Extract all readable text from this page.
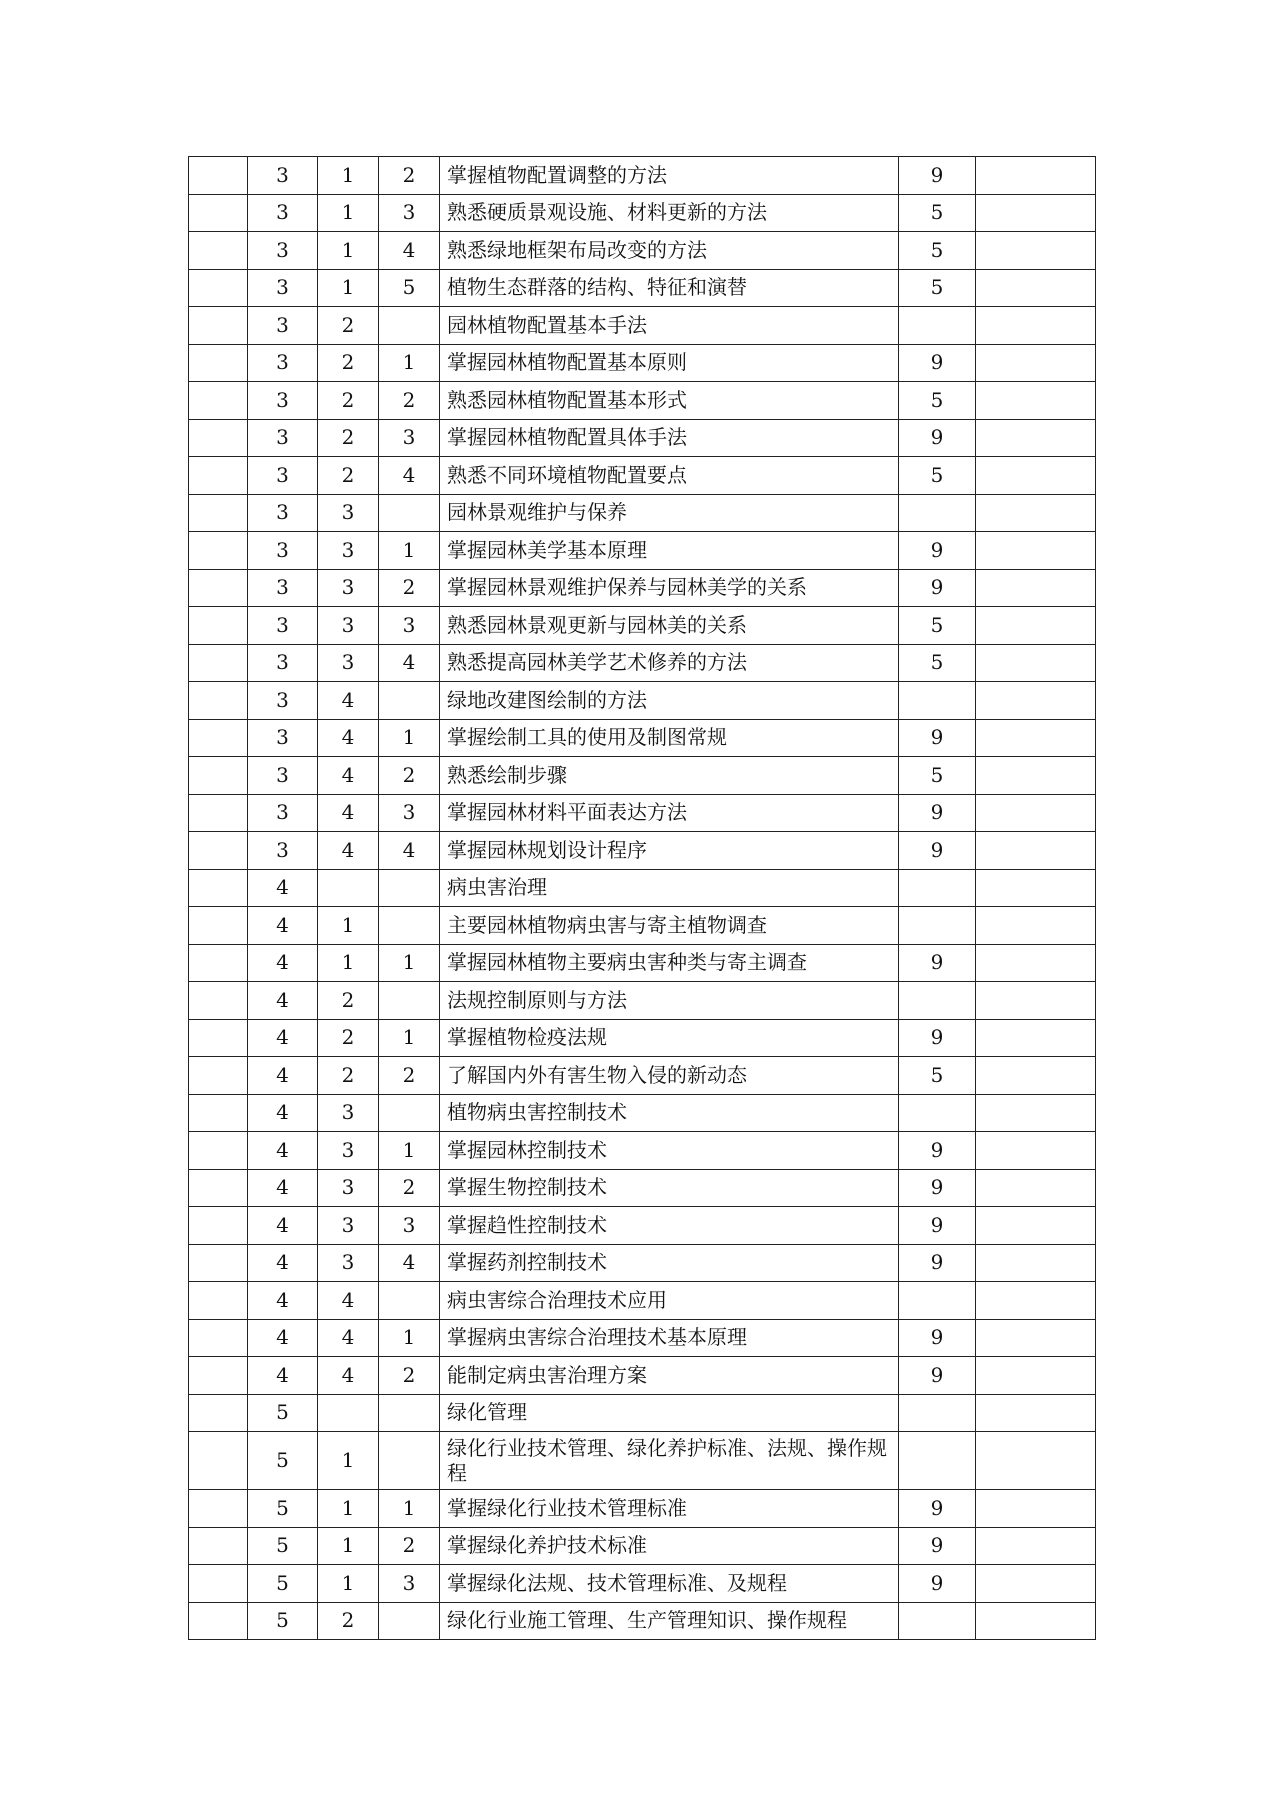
	3	1	2	掌握植物配置调整的方法	9	
	3	1	3	熟悉硬质景观设施、材料更新的方法	5	
	3	1	4	熟悉绿地框架布局改变的方法	5	
	3	1	5	植物生态群落的结构、特征和演替	5	
	3	2		园林植物配置基本手法		
	3	2	1	掌握园林植物配置基本原则	9	
	3	2	2	熟悉园林植物配置基本形式	5	
	3	2	3	掌握园林植物配置具体手法	9	
	3	2	4	熟悉不同环境植物配置要点	5	
	3	3		园林景观维护与保养		
	3	3	1	掌握园林美学基本原理	9	
	3	3	2	掌握园林景观维护保养与园林美学的关系	9	
	3	3	3	熟悉园林景观更新与园林美的关系	5	
	3	3	4	熟悉提高园林美学艺术修养的方法	5	
	3	4		绿地改建图绘制的方法		
	3	4	1	掌握绘制工具的使用及制图常规	9	
	3	4	2	熟悉绘制步骤	5	
	3	4	3	掌握园林材料平面表达方法	9	
	3	4	4	掌握园林规划设计程序	9	
	4			病虫害治理		
	4	1		主要园林植物病虫害与寄主植物调查		
	4	1	1	掌握园林植物主要病虫害种类与寄主调查	9	
	4	2		法规控制原则与方法		
	4	2	1	掌握植物检疫法规	9	
	4	2	2	了解国内外有害生物入侵的新动态	5	
	4	3		植物病虫害控制技术		
	4	3	1	掌握园林控制技术	9	
	4	3	2	掌握生物控制技术	9	
	4	3	3	掌握趋性控制技术	9	
	4	3	4	掌握药剂控制技术	9	
	4	4		病虫害综合治理技术应用		
	4	4	1	掌握病虫害综合治理技术基本原理	9	
	4	4	2	能制定病虫害治理方案	9	
	5			绿化管理		
	5	1		绿化行业技术管理、绿化养护标准、法规、操作规程		
	5	1	1	掌握绿化行业技术管理标准	9	
	5	1	2	掌握绿化养护技术标准	9	
	5	1	3	掌握绿化法规、技术管理标准、及规程	9	
	5	2		绿化行业施工管理、生产管理知识、操作规程		
